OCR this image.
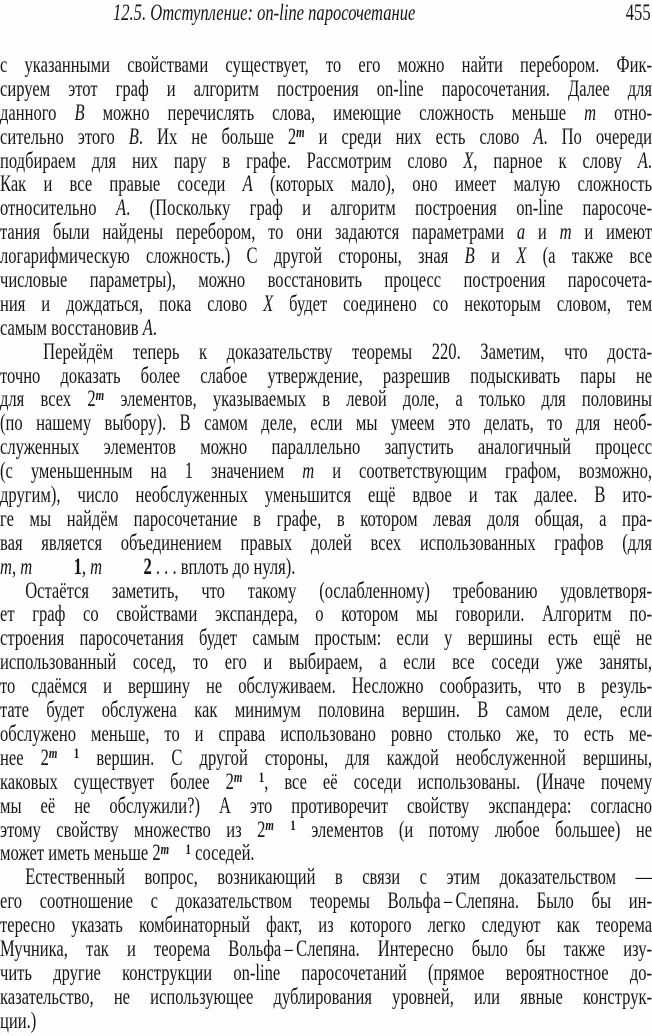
12.5. Отступление: on-line паросочетание	455
с указанными свойствами существует, то его можно найти перебором. Фик-
сируем этот граф и алгоритм построения on-line паросочетания. Далее для
данного B можно перечислять слова, имеющие сложность меньше m отно-
сительно этого B. Их не больше 2$^m$ и среди них есть слово A. По очереди
подбираем для них пару в графе. Рассмотрим слово X, парное к слову A.
Как и все правые соседи A (которых мало), оно имеет малую сложность
относительно A. (Поскольку граф и алгоритм построения on-line паросоче-
тания были найдены перебором, то они задаются параметрами a и m и имеют
логарифмическую сложность.) С другой стороны, зная B и X (а также все
числовые параметры), можно восстановить процесс построения паросочета-
ния и дождаться, пока слово X будет соединено со некоторым словом, тем
самым восстановив A.
Перейдём теперь к доказательству теоремы 220. Заметим, что доста-
точно доказать более слабое утверждение, разрешив подыскивать пары не
для всех 2$^m$ элементов, указываемых в левой доле, а только для половины
(по нашему выбору). В самом деле, если мы умеем это делать, то для необ-
служенных элементов можно параллельно запустить аналогичный процесс
(с уменьшенным на 1 значением m и соответствующим графом, возможно,
другим), число необслуженных уменьшится ещё вдвое и так далее. В ито-
ге мы найдём паросочетание в графе, в котором левая доля общая, а пра-
вая является объединением правых долей всех использованных графов (для
m, m    1, m    2 . . . вплоть до нуля).
Остаётся заметить, что такому (ослабленному) требованию удовлетворя-
ет граф со свойствами экспандера, о котором мы говорили. Алгоритм по-
строения паросочетания будет самым простым: если у вершины есть ещё не
использованный сосед, то его и выбираем, а если все соседи уже заняты,
то сдаёмся и вершину не обслуживаем. Несложно сообразить, что в резуль-
тате будет обслужена как минимум половина вершин. В самом деле, если
обслужено меньше, то и справа использовано ровно столько же, то есть ме-
нее 2$^m$  $^1$ вершин. С другой стороны, для каждой необслуженной вершины,
каковых существует более 2$^m$  $^1$, все её соседи использованы. (Иначе почему
мы её не обслужили?) А это противоречит свойству экспандера: согласно
этому свойству множество из 2$^m$  $^1$ элементов (и потому любое большее) не
может иметь меньше 2$^m$  $^1$ соседей.
Естественный вопрос, возникающий в связи с этим доказательством —
его соотношение с доказательством теоремы Вольфа – Слепяна. Было бы ин-
тересно указать комбинаторный факт, из которого легко следуют как теорема
Мучника, так и теорема Вольфа – Слепяна. Интересно было бы также изу-
чить другие конструкции on-line паросочетаний (прямое вероятностное до-
казательство, не использующее дублирования уровней, или явные конструк-
ции.)
